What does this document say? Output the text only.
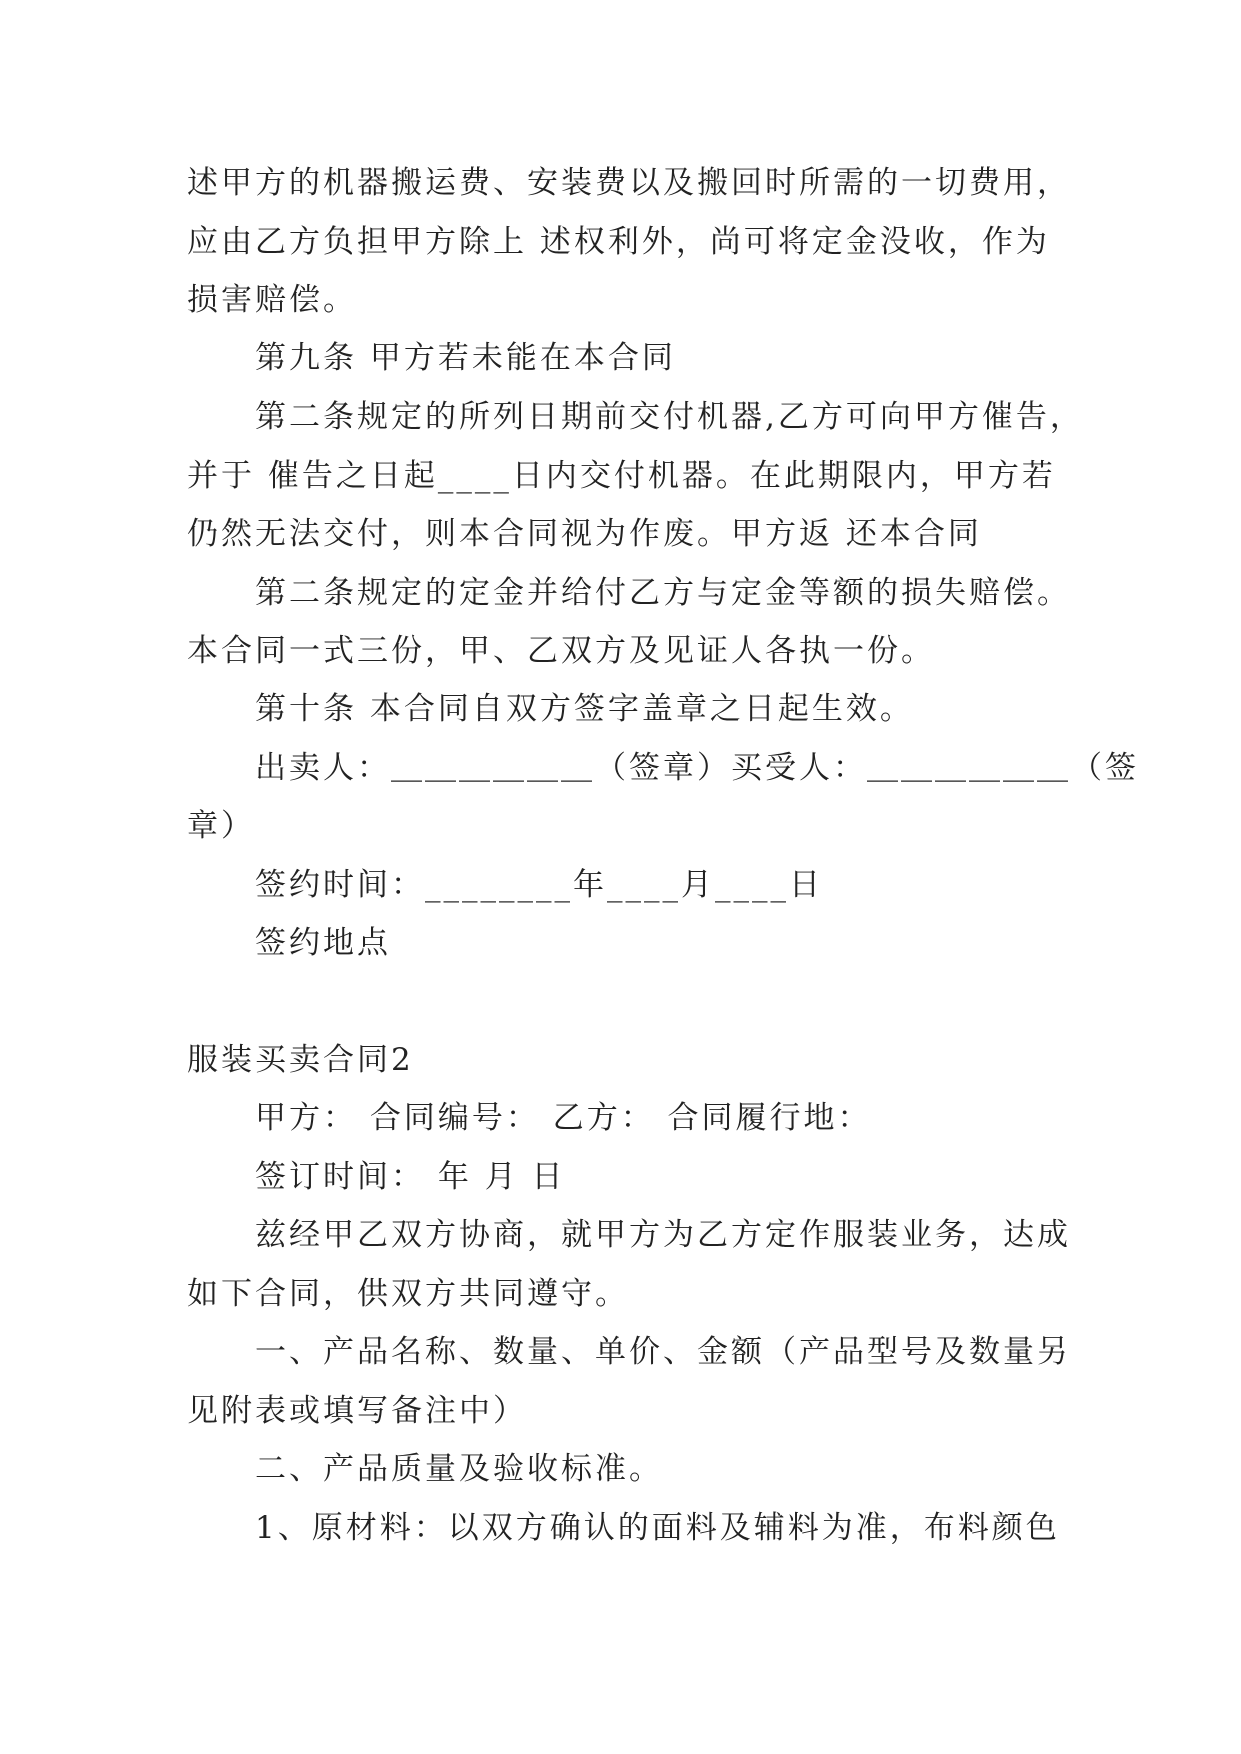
述甲方的机器搬运费、安装费以及搬回时所需的一切费用，
应由乙方负担甲方除上 述权利外，尚可将定金没收，作为
损害赔偿。
第九条 甲方若未能在本合同
第二条规定的所列日期前交付机器,乙方可向甲方催告，
并于 催告之日起____日内交付机器。在此期限内，甲方若
仍然无法交付，则本合同视为作废。甲方返 还本合同
第二条规定的定金并给付乙方与定金等额的损失赔偿。
本合同一式三份，甲、乙双方及见证人各执一份。
第十条 本合同自双方签字盖章之日起生效。
出卖人：＿＿＿＿＿＿（签章）买受人：＿＿＿＿＿＿（签
章）
签约时间：________年____月____日
签约地点
服装买卖合同2
甲方： 合同编号： 乙方： 合同履行地：
签订时间： 年 月 日
兹经甲乙双方协商，就甲方为乙方定作服装业务，达成
如下合同，供双方共同遵守。
一、产品名称、数量、单价、金额（产品型号及数量另
见附表或填写备注中）
二、产品质量及验收标准。
1、原材料：以双方确认的面料及辅料为准，布料颜色
